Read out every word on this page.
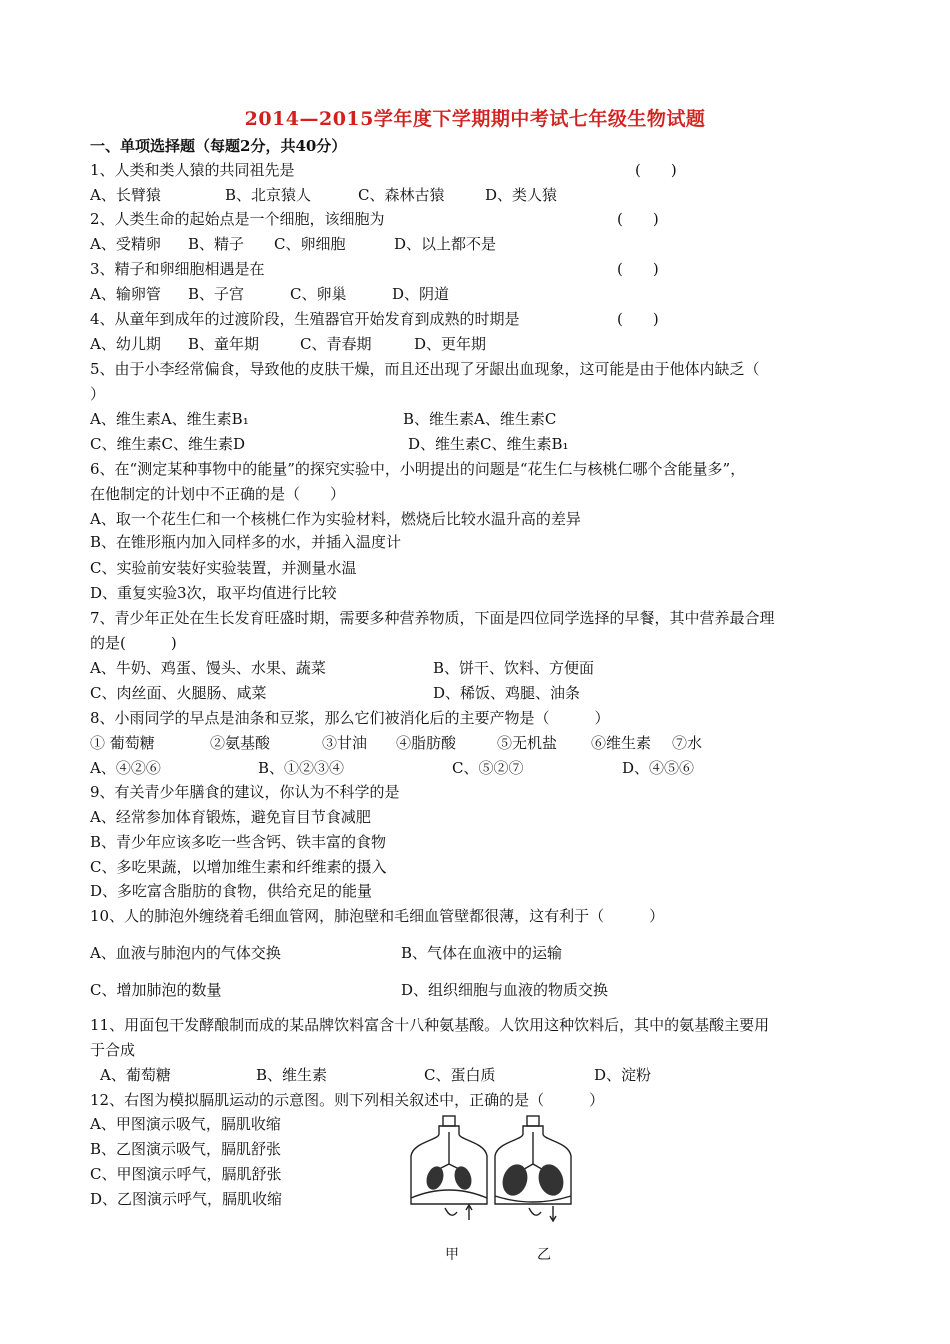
2014—2015学年度下学期期中考试七年级生物试题
一、单项选择题（每题2分，共40分）
1、人类和类人猿的共同祖先是	(　　)
A、长臂猿	B、北京猿人	C、森林古猿	D、类人猿
2、人类生命的起始点是一个细胞，该细胞为	(　　)
A、受精卵 B、精子 C、卵细胞	D、以上都不是
3、精子和卵细胞相遇是在	(　　)
A、输卵管 B、子宫	C、卵巢	D、阴道
4、从童年到成年的过渡阶段，生殖器官开始发育到成熟的时期是	(　　)
A、幼儿期 B、童年期	C、青春期	D、更年期
5、由于小李经常偏食，导致他的皮肤干燥，而且还出现了牙龈出血现象，这可能是由于他体内缺乏（
）
A、维生素A、维生素B₁	B、维生素A、维生素C
C、维生素C、维生素D	D、维生素C、维生素B₁
6、在“测定某种事物中的能量”的探究实验中，小明提出的问题是“花生仁与核桃仁哪个含能量多”，
在他制定的计划中不正确的是（　　）
A、取一个花生仁和一个核桃仁作为实验材料，燃烧后比较水温升高的差异
B、在锥形瓶内加入同样多的水，并插入温度计
C、实验前安装好实验装置，并测量水温
D、重复实验3次，取平均值进行比较
7、青少年正处在生长发育旺盛时期，需要多种营养物质，下面是四位同学选择的早餐，其中营养最合理
的是(　　　)
A、牛奶、鸡蛋、馒头、水果、蔬菜	B、饼干、饮料、方便面
C、肉丝面、火腿肠、咸菜	D、稀饭、鸡腿、油条
8、小雨同学的早点是油条和豆浆，那么它们被消化后的主要产物是（　　　）
① 葡萄糖	②氨基酸	③甘油 ④脂肪酸	⑤无机盐 ⑥维生素 ⑦水
A、④②⑥	B、①②③④	C、⑤②⑦	D、④⑤⑥
9、有关青少年膳食的建议，你认为不科学的是
A、经常参加体育锻炼，避免盲目节食减肥
B、青少年应该多吃一些含钙、铁丰富的食物
C、多吃果蔬，以增加维生素和纤维素的摄入
D、多吃富含脂肪的食物，供给充足的能量
10、人的肺泡外缠绕着毛细血管网，肺泡壁和毛细血管壁都很薄，这有利于（　　　）
A、血液与肺泡内的气体交换	B、气体在血液中的运输
C、增加肺泡的数量	D、组织细胞与血液的物质交换
11、用面包干发酵酿制而成的某品牌饮料富含十八种氨基酸。人饮用这种饮料后，其中的氨基酸主要用
于合成
A、葡萄糖	B、维生素	C、蛋白质	D、淀粉
12、右图为模拟膈肌运动的示意图。则下列相关叙述中，正确的是（　　　）
A、甲图演示吸气，膈肌收缩
B、乙图演示吸气，膈肌舒张
C、甲图演示呼气，膈肌舒张
D、乙图演示呼气，膈肌收缩
甲	乙
